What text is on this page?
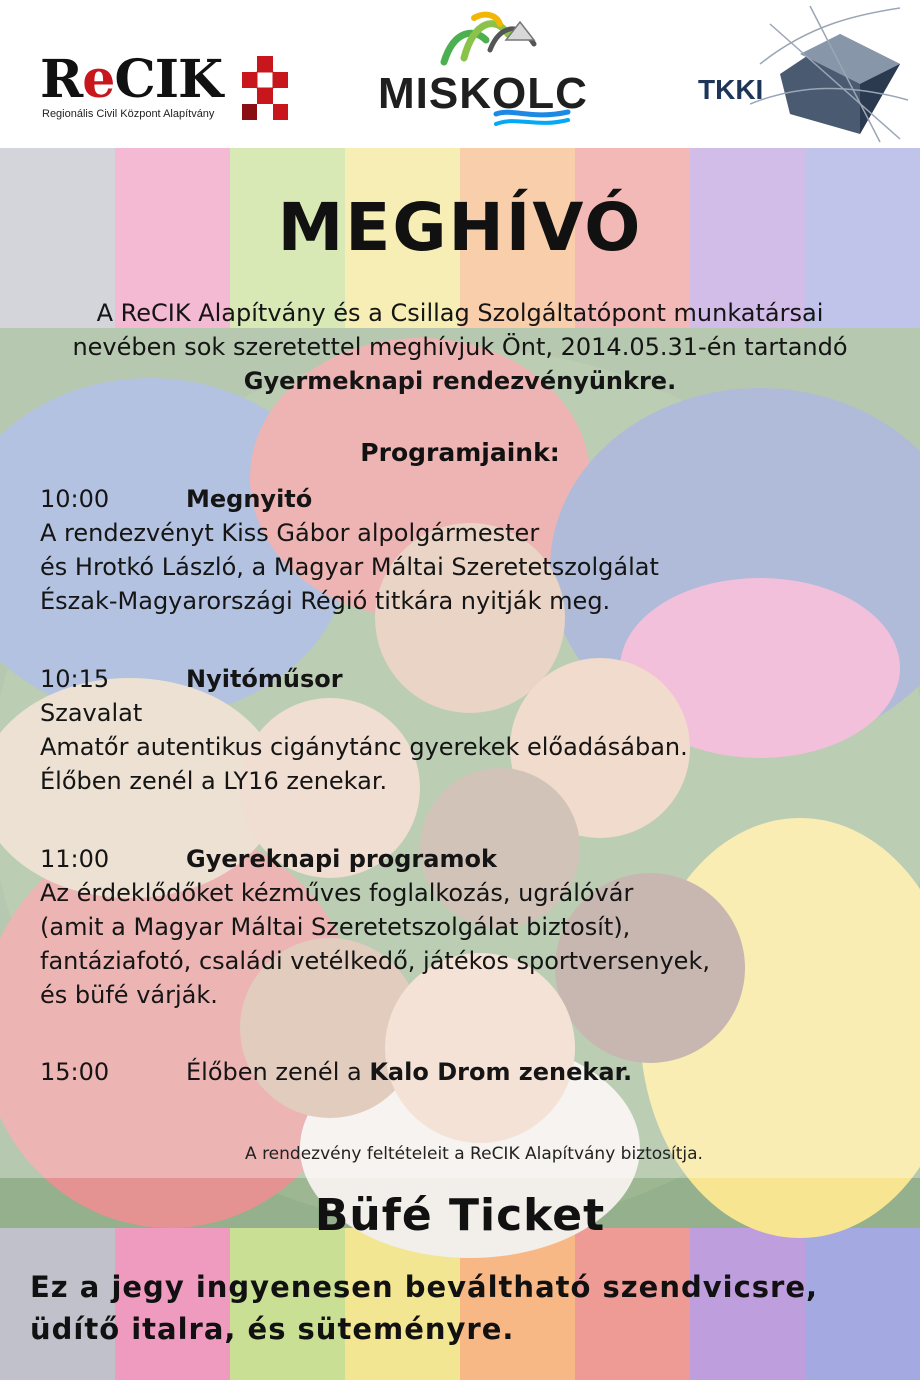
ReCIK
Regionális Civil Központ Alapítvány	MISKOLC	TKKI
MEGHÍVÓ
A ReCIK Alapítvány és a Csillag Szolgáltatópont munkatársai
nevében sok szeretettel meghívjuk Önt, 2014.05.31-én tartandó
Gyermeknapi rendezvényünkre.
Programjaink:
10:00	Megnyitó
A rendezvényt Kiss Gábor alpolgármester
és Hrotkó László, a Magyar Máltai Szeretetszolgálat
Észak-Magyarországi Régió titkára nyitják meg.
10:15	Nyitóműsor
Szavalat
Amatőr autentikus cigánytánc gyerekek előadásában.
Élőben zenél a LY16 zenekar.
11:00	Gyereknapi programok
Az érdeklődőket kézműves foglalkozás, ugrálóvár
(amit a Magyar Máltai Szeretetszolgálat biztosít),
fantáziafotó, családi vetélkedő, játékos sportversenyek,
és büfé várják.
15:00	Élőben zenél a Kalo Drom zenekar.
A rendezvény feltételeit a ReCIK Alapítvány biztosítja.
Büfé Ticket
Ez a jegy ingyenesen beváltható szendvicsre,
üdítő italra, és süteményre.
